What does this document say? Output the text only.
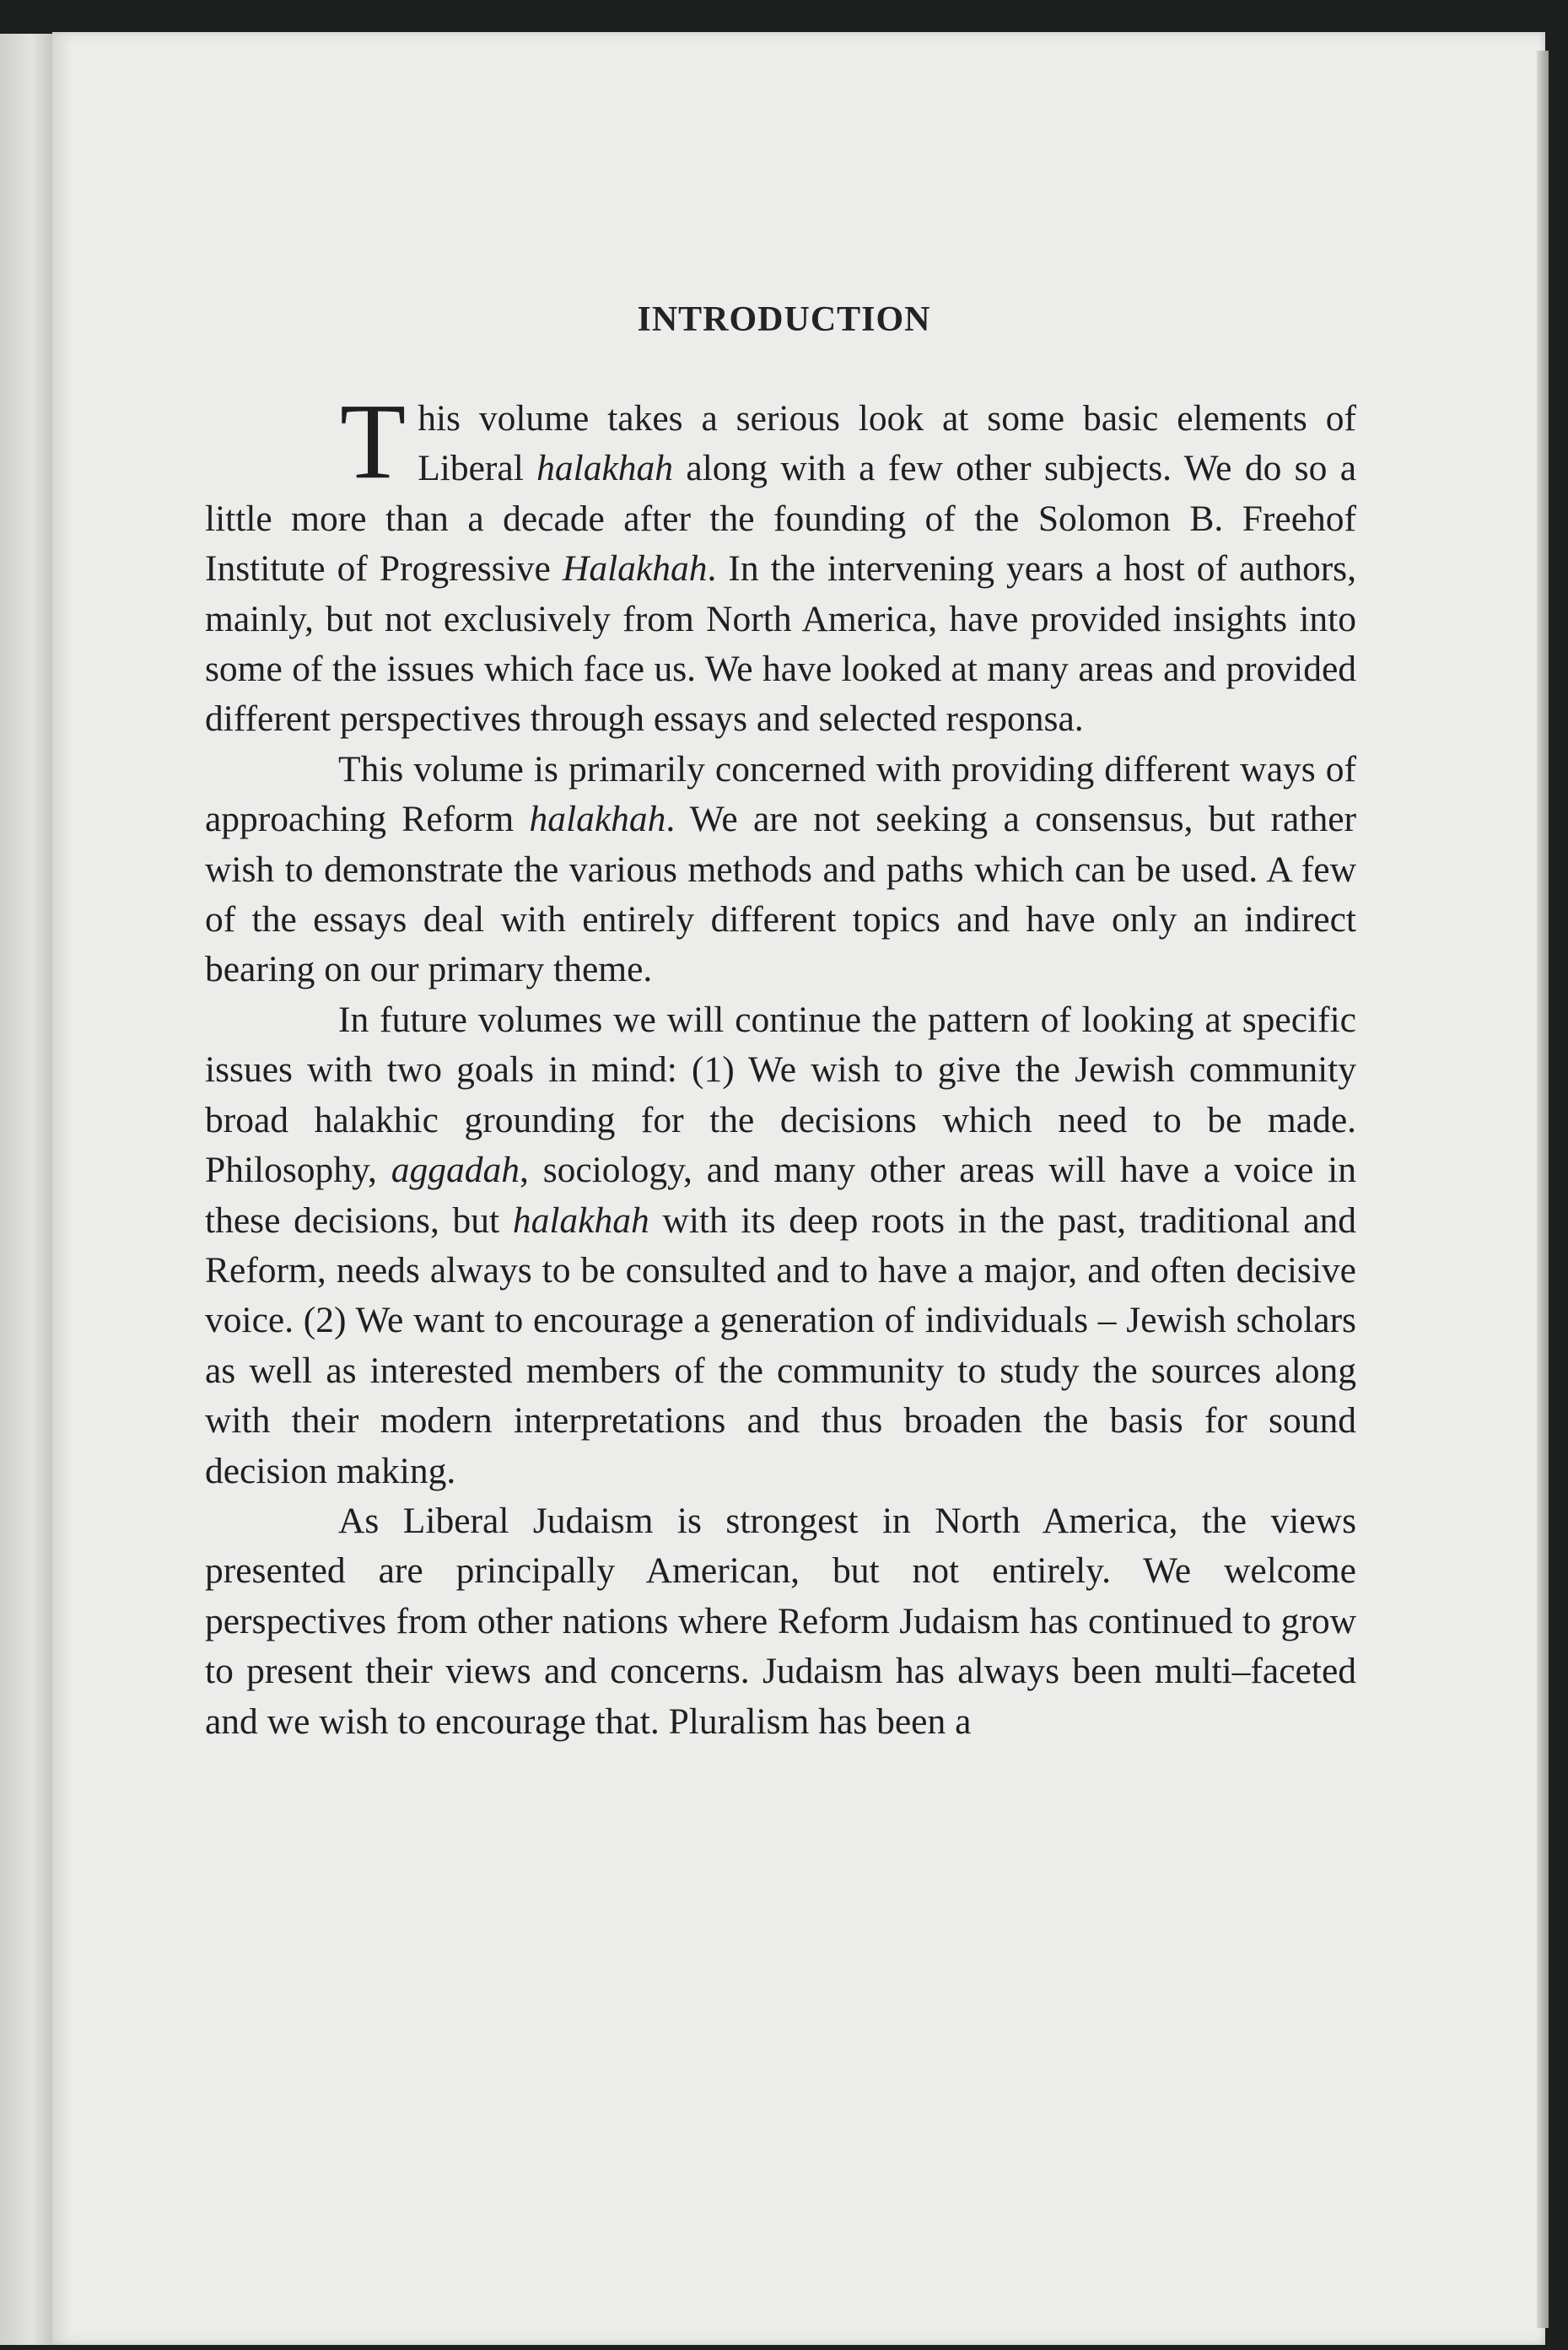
INTRODUCTION

This volume takes a serious look at some basic elements of Liberal halakhah along with a few other subjects. We do so a little more than a decade after the founding of the Solomon B. Freehof Institute of Progressive Halakhah. In the intervening years a host of authors, mainly, but not exclusively from North America, have provided insights into some of the issues which face us. We have looked at many areas and provided different perspectives through essays and selected responsa.

This volume is primarily concerned with providing different ways of approaching Reform halakhah. We are not seeking a consensus, but rather wish to demonstrate the various methods and paths which can be used. A few of the essays deal with entirely different topics and have only an indirect bearing on our primary theme.

In future volumes we will continue the pattern of looking at specific issues with two goals in mind: (1) We wish to give the Jewish community broad halakhic grounding for the decisions which need to be made. Philosophy, aggadah, sociology, and many other areas will have a voice in these decisions, but halakhah with its deep roots in the past, traditional and Reform, needs always to be consulted and to have a major, and often decisive voice. (2) We want to encourage a generation of individuals – Jewish scholars as well as interested members of the community to study the sources along with their modern interpretations and thus broaden the basis for sound decision making.

As Liberal Judaism is strongest in North America, the views presented are principally American, but not entirely. We welcome perspectives from other nations where Reform Judaism has continued to grow to present their views and concerns. Judaism has always been multi–faceted and we wish to encourage that. Pluralism has been a
